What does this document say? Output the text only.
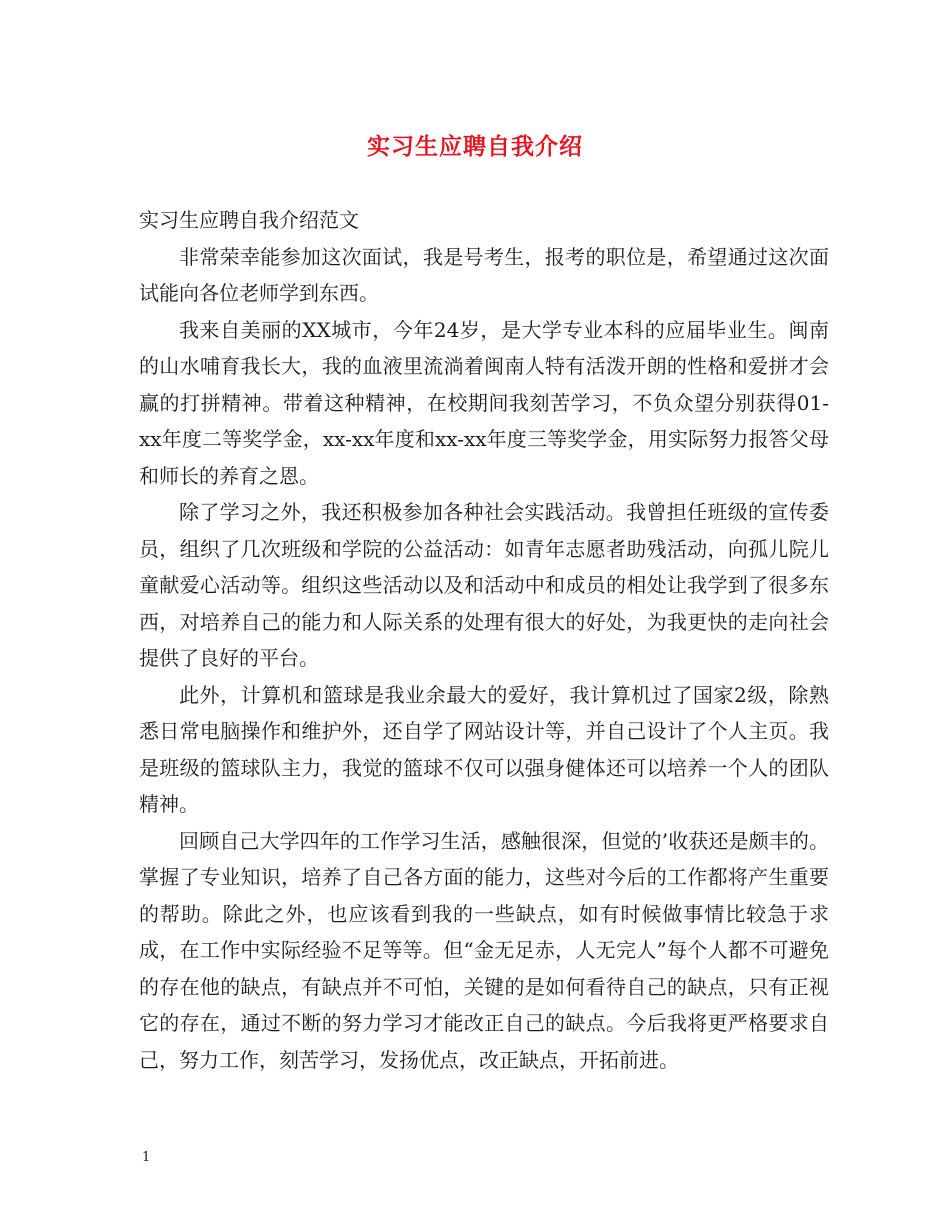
实习生应聘自我介绍
实习生应聘自我介绍范文

非常荣幸能参加这次面试，我是号考生，报考的职位是，希望通过这次面试能向各位老师学到东西。

我来自美丽的XX城市，今年24岁，是大学专业本科的应届毕业生。闽南的山水哺育我长大，我的血液里流淌着闽南人特有活泼开朗的性格和爱拼才会赢的打拼精神。带着这种精神，在校期间我刻苦学习，不负众望分别获得01-xx年度二等奖学金，xx-xx年度和xx-xx年度三等奖学金，用实际努力报答父母和师长的养育之恩。

除了学习之外，我还积极参加各种社会实践活动。我曾担任班级的宣传委员，组织了几次班级和学院的公益活动：如青年志愿者助残活动，向孤儿院儿童献爱心活动等。组织这些活动以及和活动中和成员的相处让我学到了很多东西，对培养自己的能力和人际关系的处理有很大的好处，为我更快的走向社会提供了良好的平台。

此外，计算机和篮球是我业余最大的爱好，我计算机过了国家2级，除熟悉日常电脑操作和维护外，还自学了网站设计等，并自己设计了个人主页。我是班级的篮球队主力，我觉的篮球不仅可以强身健体还可以培养一个人的团队精神。

回顾自己大学四年的工作学习生活，感触很深，但觉的’收获还是颇丰的。掌握了专业知识，培养了自己各方面的能力，这些对今后的工作都将产生重要的帮助。除此之外，也应该看到我的一些缺点，如有时候做事情比较急于求成，在工作中实际经验不足等等。但“金无足赤，人无完人”每个人都不可避免的存在他的缺点，有缺点并不可怕，关键的是如何看待自己的缺点，只有正视它的存在，通过不断的努力学习才能改正自己的缺点。今后我将更严格要求自己，努力工作，刻苦学习，发扬优点，改正缺点，开拓前进。

1
